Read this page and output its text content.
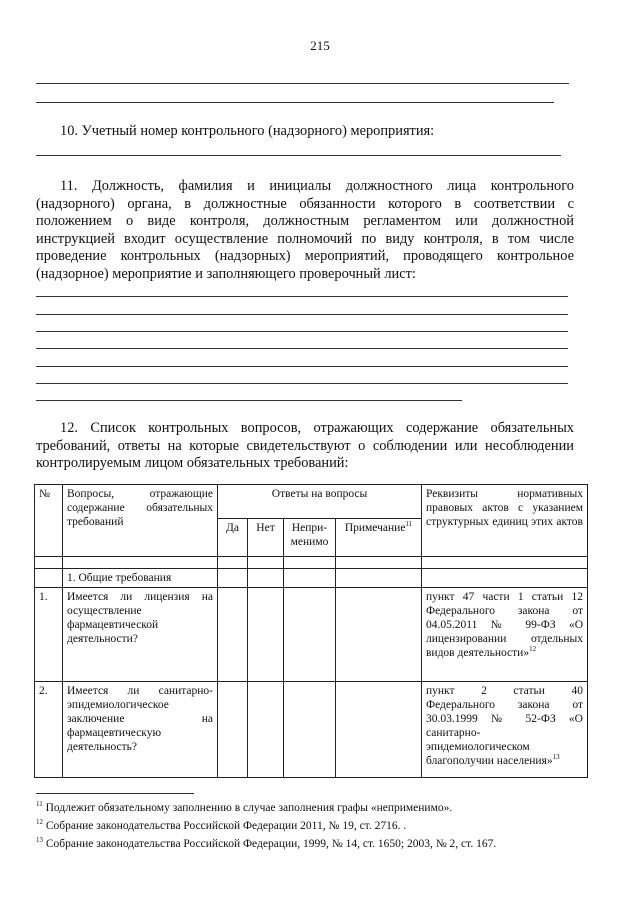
215
10. Учетный номер контрольного (надзорного) мероприятия:
11. Должность, фамилия и инициалы должностного лица контрольного (надзорного) органа, в должностные обязанности которого в соответствии с положением о виде контроля, должностным регламентом или должностной инструкцией входит осуществление полномочий по виду контроля, в том числе проведение контрольных (надзорных) мероприятий, проводящего контрольное (надзорное) мероприятие и заполняющего проверочный лист:
12. Список контрольных вопросов, отражающих содержание обязательных требований, ответы на которые свидетельствуют о соблюдении или несоблюдении контролируемым лицом обязательных требований:
№	Вопросы, отражающие содержание обязательных требований	Ответы на вопросы				Реквизиты нормативных правовых актов с указанием структурных единиц этих актов
		Да	Нет	Непри-менимо	Примечание$^{11}$

	1. Общие требования					
1.	Имеется ли лицензия на осуществление фармацевтической деятельности?					пункт 47 части 1 статьи 12 Федерального закона от 04.05.2011 № 99-ФЗ «О лицензировании отдельных видов деятельности»$^{12}$
2.	Имеется ли санитарно-эпидемиологическое заключение на фармацевтическую деятельность?					пункт 2 статьи 40 Федерального закона от 30.03.1999 № 52-ФЗ «О санитарно-эпидемиологическом благополучии населения»$^{13}$
$^{11}$ Подлежит обязательному заполнению в случае заполнения графы «неприменимо».
$^{12}$ Собрание законодательства Российской Федерации 2011, № 19, ст. 2716. .
$^{13}$ Собрание законодательства Российской Федерации, 1999, № 14, ст. 1650; 2003, № 2, ст. 167.
